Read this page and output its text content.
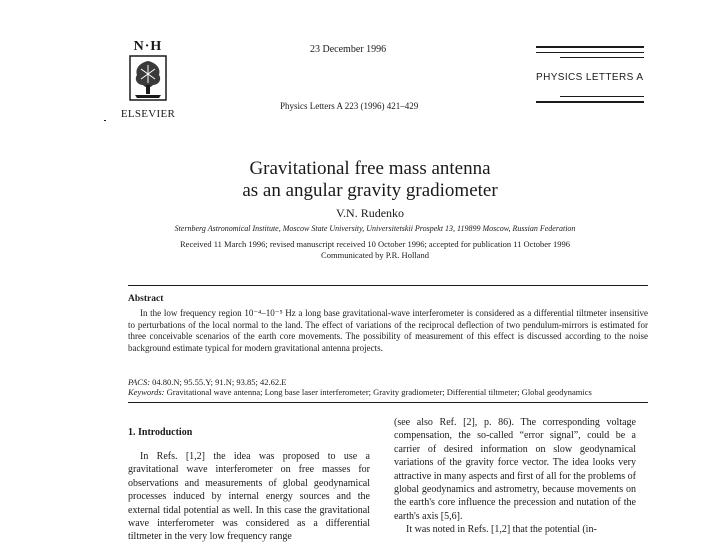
N·H
ELSEVIER
23 December 1996
PHYSICS LETTERS A
Physics Letters A 223 (1996) 421–429
Gravitational free mass antenna
as an angular gravity gradiometer
V.N. Rudenko
Sternberg Astronomical Institute, Moscow State University, Universitetskii Prospekt 13, 119899 Moscow, Russian Federation
Received 11 March 1996; revised manuscript received 10 October 1996; accepted for publication 11 October 1996
Communicated by P.R. Holland
Abstract

In the low frequency region 10⁻⁴–10⁻⁵ Hz a long base gravitational-wave interferometer is considered as a differential tiltmeter insensitive to perturbations of the local normal to the land. The effect of variations of the reciprocal deflection of two pendulum-mirrors is estimated for three conceivable scenarios of the earth core movements. The possibility of measurement of this effect is discussed according to the noise background estimate typical for modern gravitational antenna projects.

PACS: 04.80.N; 95.55.Y; 91.N; 93.85; 42.62.E
Keywords: Gravitational wave antenna; Long base laser interferometer; Gravity gradiometer; Differential tiltmeter; Global geodynamics
1. Introduction

In Refs. [1,2] the idea was proposed to use a gravitational wave interferometer on free masses for observations and measurements of global geodynamical processes induced by internal energy sources and the external tidal potential as well. In this case the gravitational wave interferometer was considered as a differential tiltmeter in the very low frequency range

(see also Ref. [2], p. 86). The corresponding voltage compensation, the so-called “error signal”, could be a carrier of desired information on slow geodynamical variations of the gravity force vector. The idea looks very attractive in many aspects and first of all for the problems of global geodynamics and astrometry, because movements on the earth's core influence the precession and nutation of the earth's axis [5,6].

It was noted in Refs. [1,2] that the potential (in-
